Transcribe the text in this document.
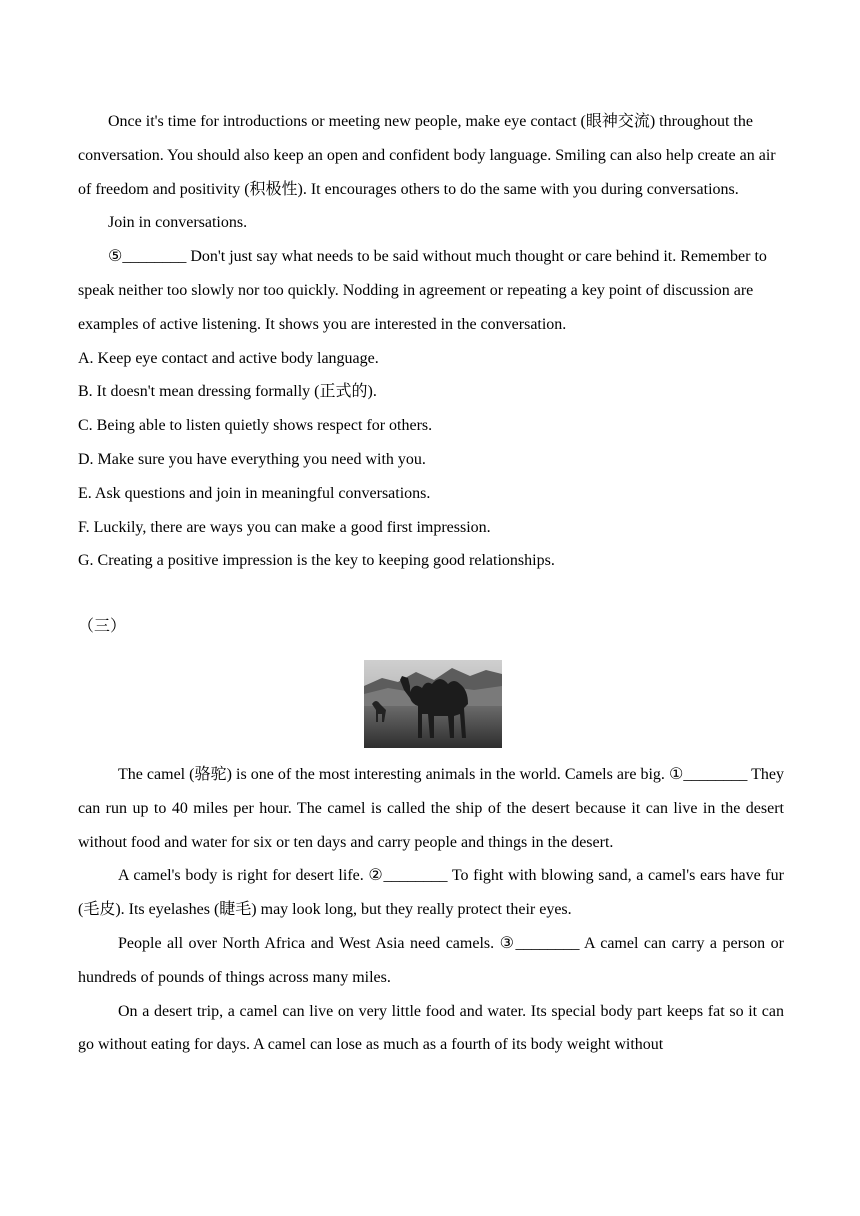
Once it's time for introductions or meeting new people, make eye contact (眼神交流) throughout the conversation. You should also keep an open and confident body language. Smiling can also help create an air of freedom and positivity (积极性). It encourages others to do the same with you during conversations.

Join in conversations.

⑤________ Don't just say what needs to be said without much thought or care behind it. Remember to speak neither too slowly nor too quickly. Nodding in agreement or repeating a key point of discussion are examples of active listening. It shows you are interested in the conversation.

A. Keep eye contact and active body language.

B. It doesn't mean dressing formally (正式的).

C. Being able to listen quietly shows respect for others.

D. Make sure you have everything you need with you.

E. Ask questions and join in meaningful conversations.

F. Luckily, there are ways you can make a good first impression.

G. Creating a positive impression is the key to keeping good relationships.

（三）

The camel (骆驼) is one of the most interesting animals in the world. Camels are big. ①________ They can run up to 40 miles per hour. The camel is called the ship of the desert because it can live in the desert without food and water for six or ten days and carry people and things in the desert.

A camel's body is right for desert life. ②________ To fight with blowing sand, a camel's ears have fur (毛皮). Its eyelashes (睫毛) may look long, but they really protect their eyes.

People all over North Africa and West Asia need camels. ③________ A camel can carry a person or hundreds of pounds of things across many miles.

On a desert trip, a camel can live on very little food and water. Its special body part keeps fat so it can go without eating for days. A camel can lose as much as a fourth of its body weight without
